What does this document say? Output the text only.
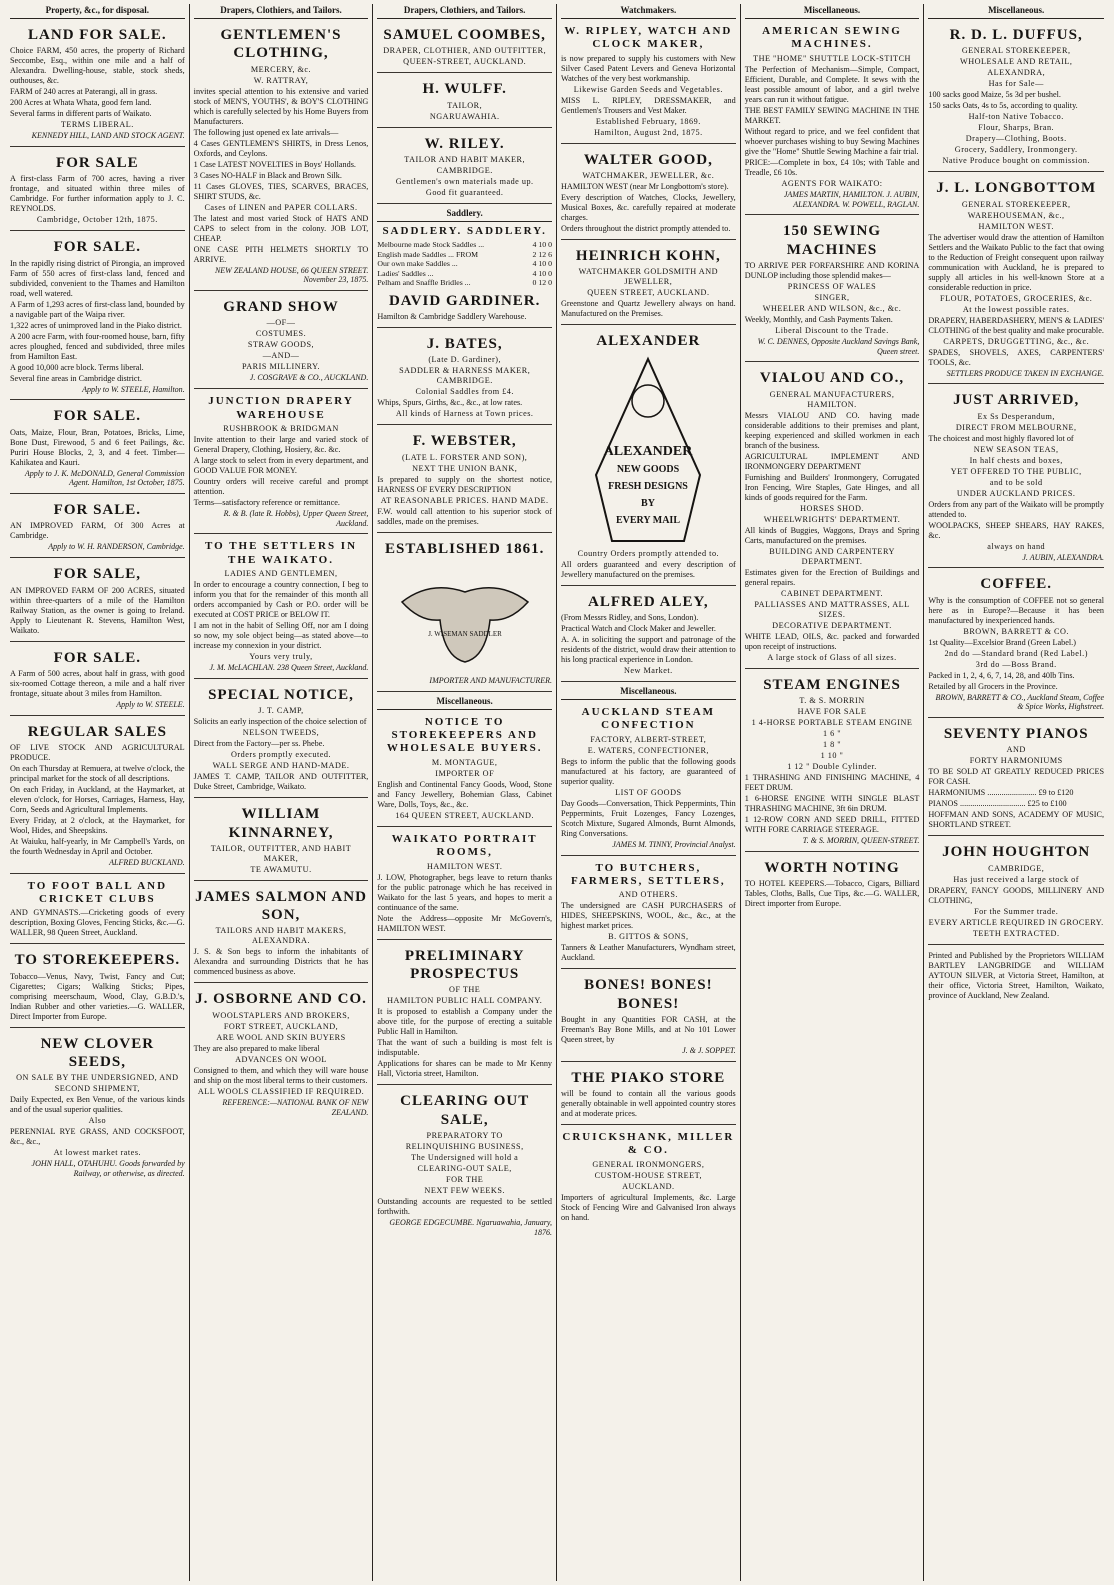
Property, &c., for disposal.
LAND FOR SALE.
Choice FARM, 450 acres, the property of Richard Seccombe, Esq., within one mile and a half of Alexandra. Dwelling-house, stable, stock sheds, outhouses, &c.
FARM of 240 acres at Paterangi, all in grass.
200 Acres at Whata Whata, good fern land.
Several farms in different parts of Waikato.
TERMS LIBERAL.
KENNEDY HILL, LAND AND STOCK AGENT.
FOR SALE
A first-class Farm of 700 acres, having a river frontage, and situated within three miles of Cambridge. For further information apply to J. C. REYNOLDS.
Cambridge, October 12th, 1875.
FOR SALE.
In the rapidly rising district of Pirongia, an improved Farm of 550 acres of first-class land, fenced and subdivided, convenient to the Thames and Hamilton road, well watered.
A Farm of 1,293 acres of first-class land, bounded by a navigable part of the Waipa river.
1,322 acres of unimproved land in the Piako district.
A 200 acre Farm, with four-roomed house, barn, fifty acres ploughed, fenced and subdivided, three miles from Hamilton East.
A good 10,000 acre block. Terms liberal.
Several fine areas in Cambridge district.
Apply to W. STEELE, Hamilton.
FOR SALE.
Oats, Maize, Flour, Bran, Potatoes, Bricks, Lime, Bone Dust, Firewood, 5 and 6 feet Pailings, &c. Puriri House Blocks, 2, 3, and 4 feet. Timber—Kahikatea and Kauri.
Apply to J. K. McDONALD, General Commission Agent. Hamilton, 1st October, 1875.
FOR SALE.
AN IMPROVED FARM, Of 300 Acres at Cambridge.
Apply to W. H. RANDERSON, Cambridge.
FOR SALE,
AN IMPROVED FARM OF 200 ACRES, situated within three-quarters of a mile of the Hamilton Railway Station, as the owner is going to Ireland. Apply to Lieutenant R. Stevens, Hamilton West, Waikato.
FOR SALE.
A Farm of 500 acres, about half in grass, with good six-roomed Cottage thereon, a mile and a half river frontage, situate about 3 miles from Hamilton.
Apply to W. STEELE.
REGULAR SALES
OF LIVE STOCK AND AGRICULTURAL PRODUCE.
On each Thursday at Remuera, at twelve o'clock, the principal market for the stock of all descriptions.
On each Friday, in Auckland, at the Haymarket, at eleven o'clock, for Horses, Carriages, Harness, Hay, Corn, Seeds and Agricultural Implements.
Every Friday, at 2 o'clock, at the Haymarket, for Wool, Hides, and Sheepskins.
At Waiuku, half-yearly, in Mr Campbell's Yards, on the fourth Wednesday in April and October.
ALFRED BUCKLAND.
TO FOOT BALL AND CRICKET CLUBS
AND GYMNASTS.—Cricketing goods of every description, Boxing Gloves, Fencing Sticks, &c.—G. WALLER, 98 Queen Street, Auckland.
TO STOREKEEPERS.
Tobacco—Venus, Navy, Twist, Fancy and Cut; Cigarettes; Cigars; Walking Sticks; Pipes, comprising meerschaum, Wood, Clay, G.B.D.'s, Indian Rubber and other varieties.—G. WALLER, Direct Importer from Europe.
NEW CLOVER SEEDS,
ON SALE BY THE UNDERSIGNED, AND
SECOND SHIPMENT,
Daily Expected, ex Ben Venue, of the various kinds and of the usual superior qualities.
Also
PERENNIAL RYE GRASS, AND COCKSFOOT, &c., &c.,
At lowest market rates.
JOHN HALL, OTAHUHU. Goods forwarded by Railway, or otherwise, as directed.
Drapers, Clothiers, and Tailors.
GENTLEMEN'S CLOTHING,
MERCERY, &c.
W. RATTRAY,
invites special attention to his extensive and varied stock of MEN'S, YOUTHS', & BOY'S CLOTHING which is carefully selected by his Home Buyers from Manufacturers.
The following just opened ex late arrivals—
4 Cases GENTLEMEN'S SHIRTS, in Dress Lenos, Oxfords, and Ceylons.
1 Case LATEST NOVELTIES in Boys' Hollands.
3 Cases NO-HALF in Black and Brown Silk.
11 Cases GLOVES, TIES, SCARVES, BRACES, SHIRT STUDS, &c.
Cases of LINEN and PAPER COLLARS.
The latest and most varied Stock of HATS AND CAPS to select from in the colony. JOB LOT, CHEAP.
ONE CASE PITH HELMETS SHORTLY TO ARRIVE.
NEW ZEALAND HOUSE, 66 QUEEN STREET. November 23, 1875.
GRAND SHOW
—OF—
COSTUMES.
STRAW GOODS,
—AND—
PARIS MILLINERY.
J. COSGRAVE & CO., AUCKLAND.
JUNCTION DRAPERY WAREHOUSE
RUSHBROOK & BRIDGMAN
Invite attention to their large and varied stock of General Drapery, Clothing, Hosiery, &c. &c.
A large stock to select from in every department, and GOOD VALUE FOR MONEY.
Country orders will receive careful and prompt attention.
Terms—satisfactory reference or remittance.
R. & B. (late R. Hobbs), Upper Queen Street, Auckland.
TO THE SETTLERS IN THE WAIKATO.
LADIES AND GENTLEMEN,
In order to encourage a country connection, I beg to inform you that for the remainder of this month all orders accompanied by Cash or P.O. order will be executed at COST PRICE or BELOW IT.
I am not in the habit of Selling Off, nor am I doing so now, my sole object being—as stated above—to increase my connexion in your district.
Yours very truly,
J. M. McLACHLAN. 238 Queen Street, Auckland.
SPECIAL NOTICE,
J. T. CAMP,
Solicits an early inspection of the choice selection of
NELSON TWEEDS,
Direct from the Factory—per ss. Phebe.
Orders promptly executed.
WALL SERGE AND HAND-MADE.
JAMES T. CAMP, TAILOR AND OUTFITTER, Duke Street, Cambridge, Waikato.
WILLIAM KINNARNEY,
TAILOR, OUTFITTER, AND HABIT MAKER,
TE AWAMUTU.
JAMES SALMON AND SON,
TAILORS AND HABIT MAKERS, ALEXANDRA.
J. S. & Son begs to inform the inhabitants of Alexandra and surrounding Districts that he has commenced business as above.
J. OSBORNE AND CO.
WOOLSTAPLERS AND BROKERS,
FORT STREET, AUCKLAND,
ARE WOOL AND SKIN BUYERS
They are also prepared to make liberal
ADVANCES ON WOOL
Consigned to them, and which they will ware house and ship on the most liberal terms to their customers.
ALL WOOLS CLASSIFIED IF REQUIRED.
REFERENCE:—NATIONAL BANK OF NEW ZEALAND.
Drapers, Clothiers, and Tailors.
SAMUEL COOMBES,
DRAPER, CLOTHIER, AND OUTFITTER,
QUEEN-STREET, AUCKLAND.
H. WULFF.
TAILOR,
NGARUAWAHIA.
W. RILEY.
TAILOR AND HABIT MAKER,
CAMBRIDGE.
Gentlemen's own materials made up.
Good fit guaranteed.
Saddlery.
SADDLERY. SADDLERY.
Melbourne made Stock Saddles ...	4 10 0
English made Saddles ... FROM	2 12 6
Our own make Saddles ...	4 10 0
Ladies' Saddles ...	4 10 0
Pelham and Snaffle Bridles ...	0 12 0
DAVID GARDINER.
Hamilton & Cambridge Saddlery Warehouse.
J. BATES,
(Late D. Gardiner),
SADDLER & HARNESS MAKER, CAMBRIDGE.
Colonial Saddles from £4.
Whips, Spurs, Girths, &c., &c., at low rates.
All kinds of Harness at Town prices.
F. WEBSTER,
(LATE L. FORSTER AND SON),
NEXT THE UNION BANK,
Is prepared to supply on the shortest notice, HARNESS OF EVERY DESCRIPTION
AT REASONABLE PRICES. HAND MADE.
F.W. would call attention to his superior stock of saddles, made on the premises.
ESTABLISHED 1861.
J. WISEMAN SADDLER
IMPORTER AND MANUFACTURER.
Miscellaneous.
NOTICE TO STOREKEEPERS AND WHOLESALE BUYERS.
M. MONTAGUE,
IMPORTER OF
English and Continental Fancy Goods, Wood, Stone and Fancy Jewellery, Bohemian Glass, Cabinet Ware, Dolls, Toys, &c., &c.
164 QUEEN STREET, AUCKLAND.
WAIKATO PORTRAIT ROOMS,
HAMILTON WEST.
J. LOW, Photographer, begs leave to return thanks for the public patronage which he has received in Waikato for the last 5 years, and hopes to merit a continuance of the same.
Note the Address—opposite Mr McGovern's, HAMILTON WEST.
PRELIMINARY PROSPECTUS
OF THE
HAMILTON PUBLIC HALL COMPANY.
It is proposed to establish a Company under the above title, for the purpose of erecting a suitable Public Hall in Hamilton.
That the want of such a building is most felt is indisputable.
Applications for shares can be made to Mr Kenny Hall, Victoria street, Hamilton.
CLEARING OUT SALE,
PREPARATORY TO
RELINQUISHING BUSINESS,
The Undersigned will hold a
CLEARING-OUT SALE,
FOR THE
NEXT FEW WEEKS.
Outstanding accounts are requested to be settled forthwith.
GEORGE EDGECUMBE. Ngaruawahia, January, 1876.
Watchmakers.
W. RIPLEY, WATCH AND CLOCK MAKER,
is now prepared to supply his customers with New Silver Cased Patent Levers and Geneva Horizontal Watches of the very best workmanship.
Likewise Garden Seeds and Vegetables.
MISS L. RIPLEY, DRESSMAKER, and Gentlemen's Trousers and Vest Maker.
Established February, 1869.
Hamilton, August 2nd, 1875.
WALTER GOOD,
WATCHMAKER, JEWELLER, &c.
HAMILTON WEST (near Mr Longbottom's store).
Every description of Watches, Clocks, Jewellery, Musical Boxes, &c. carefully repaired at moderate charges.
Orders throughout the district promptly attended to.
HEINRICH KOHN,
WATCHMAKER GOLDSMITH AND JEWELLER,
QUEEN STREET, AUCKLAND.
Greenstone and Quartz Jewellery always on hand. Manufactured on the Premises.
ALEXANDER
ALEXANDER
NEW GOODS
FRESH DESIGNS
BY
EVERY MAIL
Country Orders promptly attended to.
All orders guaranteed and every description of Jewellery manufactured on the premises.
ALFRED ALEY,
(From Messrs Ridley, and Sons, London).
Practical Watch and Clock Maker and Jeweller.
A. A. in soliciting the support and patronage of the residents of the district, would draw their attention to his long practical experience in London.
New Market.
Miscellaneous.
AUCKLAND STEAM CONFECTION
FACTORY, ALBERT-STREET,
E. WATERS, CONFECTIONER,
Begs to inform the public that the following goods manufactured at his factory, are guaranteed of superior quality.
LIST OF GOODS
Day Goods—Conversation, Thick Peppermints, Thin Peppermints, Fruit Lozenges, Fancy Lozenges, Scotch Mixture, Sugared Almonds, Burnt Almonds, Ring Conversations.
JAMES M. TINNY, Provincial Analyst.
TO BUTCHERS, FARMERS, SETTLERS,
AND OTHERS.
The undersigned are CASH PURCHASERS of HIDES, SHEEPSKINS, WOOL, &c., &c., at the highest market prices.
B. GITTOS & SONS,
Tanners & Leather Manufacturers, Wyndham street, Auckland.
BONES! BONES! BONES!
Bought in any Quantities FOR CASH, at the Freeman's Bay Bone Mills, and at No 101 Lower Queen street, by
J. & J. SOPPET.
THE PIAKO STORE
will be found to contain all the various goods generally obtainable in well appointed country stores and at moderate prices.
CRUICKSHANK, MILLER & CO.
GENERAL IRONMONGERS,
CUSTOM-HOUSE STREET,
AUCKLAND.
Importers of agricultural Implements, &c. Large Stock of Fencing Wire and Galvanised Iron always on hand.
Miscellaneous.
AMERICAN SEWING MACHINES.
THE "HOME" SHUTTLE LOCK-STITCH
The Perfection of Mechanism—Simple, Compact, Efficient, Durable, and Complete. It sews with the least possible amount of labor, and a girl twelve years can run it without fatigue.
THE BEST FAMILY SEWING MACHINE IN THE MARKET.
Without regard to price, and we feel confident that whoever purchases wishing to buy Sewing Machines give the "Home" Shuttle Sewing Machine a fair trial.
PRICE:—Complete in box, £4 10s; with Table and Treadle, £6 10s.
AGENTS FOR WAIKATO:
JAMES MARTIN, HAMILTON. J. AUBIN, ALEXANDRA. W. POWELL, RAGLAN.
150 SEWING MACHINES
TO ARRIVE PER FORFARSHIRE AND KORINA DUNLOP including those splendid makes—
PRINCESS OF WALES
SINGER,
WHEELER AND WILSON, &c., &c.
Weekly, Monthly, and Cash Payments Taken.
Liberal Discount to the Trade.
W. C. DENNES, Opposite Auckland Savings Bank, Queen street.
VIALOU AND CO.,
GENERAL MANUFACTURERS, HAMILTON.
Messrs VIALOU AND CO. having made considerable additions to their premises and plant, keeping experienced and skilled workmen in each branch of the business.
AGRICULTURAL IMPLEMENT AND IRONMONGERY DEPARTMENT
Furnishing and Builders' Ironmongery, Corrugated Iron Fencing, Wire Staples, Gate Hinges, and all kinds of goods required for the Farm.
HORSES SHOD.
WHEELWRIGHTS' DEPARTMENT.
All kinds of Buggies, Waggons, Drays and Spring Carts, manufactured on the premises.
BUILDING AND CARPENTERY DEPARTMENT.
Estimates given for the Erection of Buildings and general repairs.
CABINET DEPARTMENT.
PALLIASSES AND MATTRASSES, ALL SIZES.
DECORATIVE DEPARTMENT.
WHITE LEAD, OILS, &c. packed and forwarded upon receipt of instructions.
A large stock of Glass of all sizes.
STEAM ENGINES
T. & S. MORRIN
HAVE FOR SALE
1 4-HORSE PORTABLE STEAM ENGINE
1 6 "
1 8 "
1 10 "
1 12 " Double Cylinder.
1 THRASHING AND FINISHING MACHINE, 4 FEET DRUM.
1 6-HORSE ENGINE WITH SINGLE BLAST THRASHING MACHINE, 3ft 6in DRUM.
1 12-ROW CORN AND SEED DRILL, FITTED WITH FORE CARRIAGE STEERAGE.
T. & S. MORRIN, QUEEN-STREET.
WORTH NOTING
TO HOTEL KEEPERS.—Tobacco, Cigars, Billiard Tables, Cloths, Balls, Cue Tips, &c.—G. WALLER, Direct importer from Europe.
Miscellaneous.
R. D. L. DUFFUS,
GENERAL STOREKEEPER,
WHOLESALE AND RETAIL,
ALEXANDRA,
Has for Sale—
100 sacks good Maize, 5s 3d per bushel.
150 sacks Oats, 4s to 5s, according to quality.
Half-ton Native Tobacco.
Flour, Sharps, Bran.
Drapery—Clothing, Boots.
Grocery, Saddlery, Ironmongery.
Native Produce bought on commission.
J. L. LONGBOTTOM
GENERAL STOREKEEPER,
WAREHOUSEMAN, &c.,
HAMILTON WEST.
The advertiser would draw the attention of Hamilton Settlers and the Waikato Public to the fact that owing to the Reduction of Freight consequent upon railway communication with Auckland, he is prepared to supply all articles in his well-known Store at a considerable reduction in price.
FLOUR, POTATOES, GROCERIES, &c.
At the lowest possible rates.
DRAPERY, HABERDASHERY, MEN'S & LADIES' CLOTHING of the best quality and make procurable.
CARPETS, DRUGGETTING, &c., &c.
SPADES, SHOVELS, AXES, CARPENTERS' TOOLS, &c.
SETTLERS PRODUCE TAKEN IN EXCHANGE.
JUST ARRIVED,
Ex Ss Desperandum,
DIRECT FROM MELBOURNE,
The choicest and most highly flavored lot of
NEW SEASON TEAS,
In half chests and boxes,
YET OFFERED TO THE PUBLIC,
and to be sold
UNDER AUCKLAND PRICES.
Orders from any part of the Waikato will be promptly attended to.
WOOLPACKS, SHEEP SHEARS, HAY RAKES, &c.
always on hand
J. AUBIN, ALEXANDRA.
COFFEE.
Why is the consumption of COFFEE not so general here as in Europe?—Because it has been manufactured by inexperienced hands.
BROWN, BARRETT & CO.
1st Quality—Excelsior Brand (Green Label.)
2nd do —Standard brand (Red Label.)
3rd do —Boss Brand.
Packed in 1, 2, 4, 6, 7, 14, 28, and 40lb Tins.
Retailed by all Grocers in the Province.
BROWN, BARRETT & CO., Auckland Steam, Coffee & Spice Works, Highstreet.
SEVENTY PIANOS
AND
FORTY HARMONIUMS
TO BE SOLD AT GREATLY REDUCED PRICES FOR CASH.
HARMONIUMS ........................ £9 to £120
PIANOS ................................ £25 to £100
HOFFMAN AND SONS, ACADEMY OF MUSIC, SHORTLAND STREET.
JOHN HOUGHTON
CAMBRIDGE,
Has just received a large stock of
DRAPERY, FANCY GOODS, MILLINERY AND CLOTHING,
For the Summer trade.
EVERY ARTICLE REQUIRED IN GROCERY.
TEETH EXTRACTED.
Printed and Published by the Proprietors WILLIAM BARTLEY LANGBRIDGE and WILLIAM AYTOUN SILVER, at Victoria Street, Hamilton, at their office, Victoria Street, Hamilton, Waikato, province of Auckland, New Zealand.
